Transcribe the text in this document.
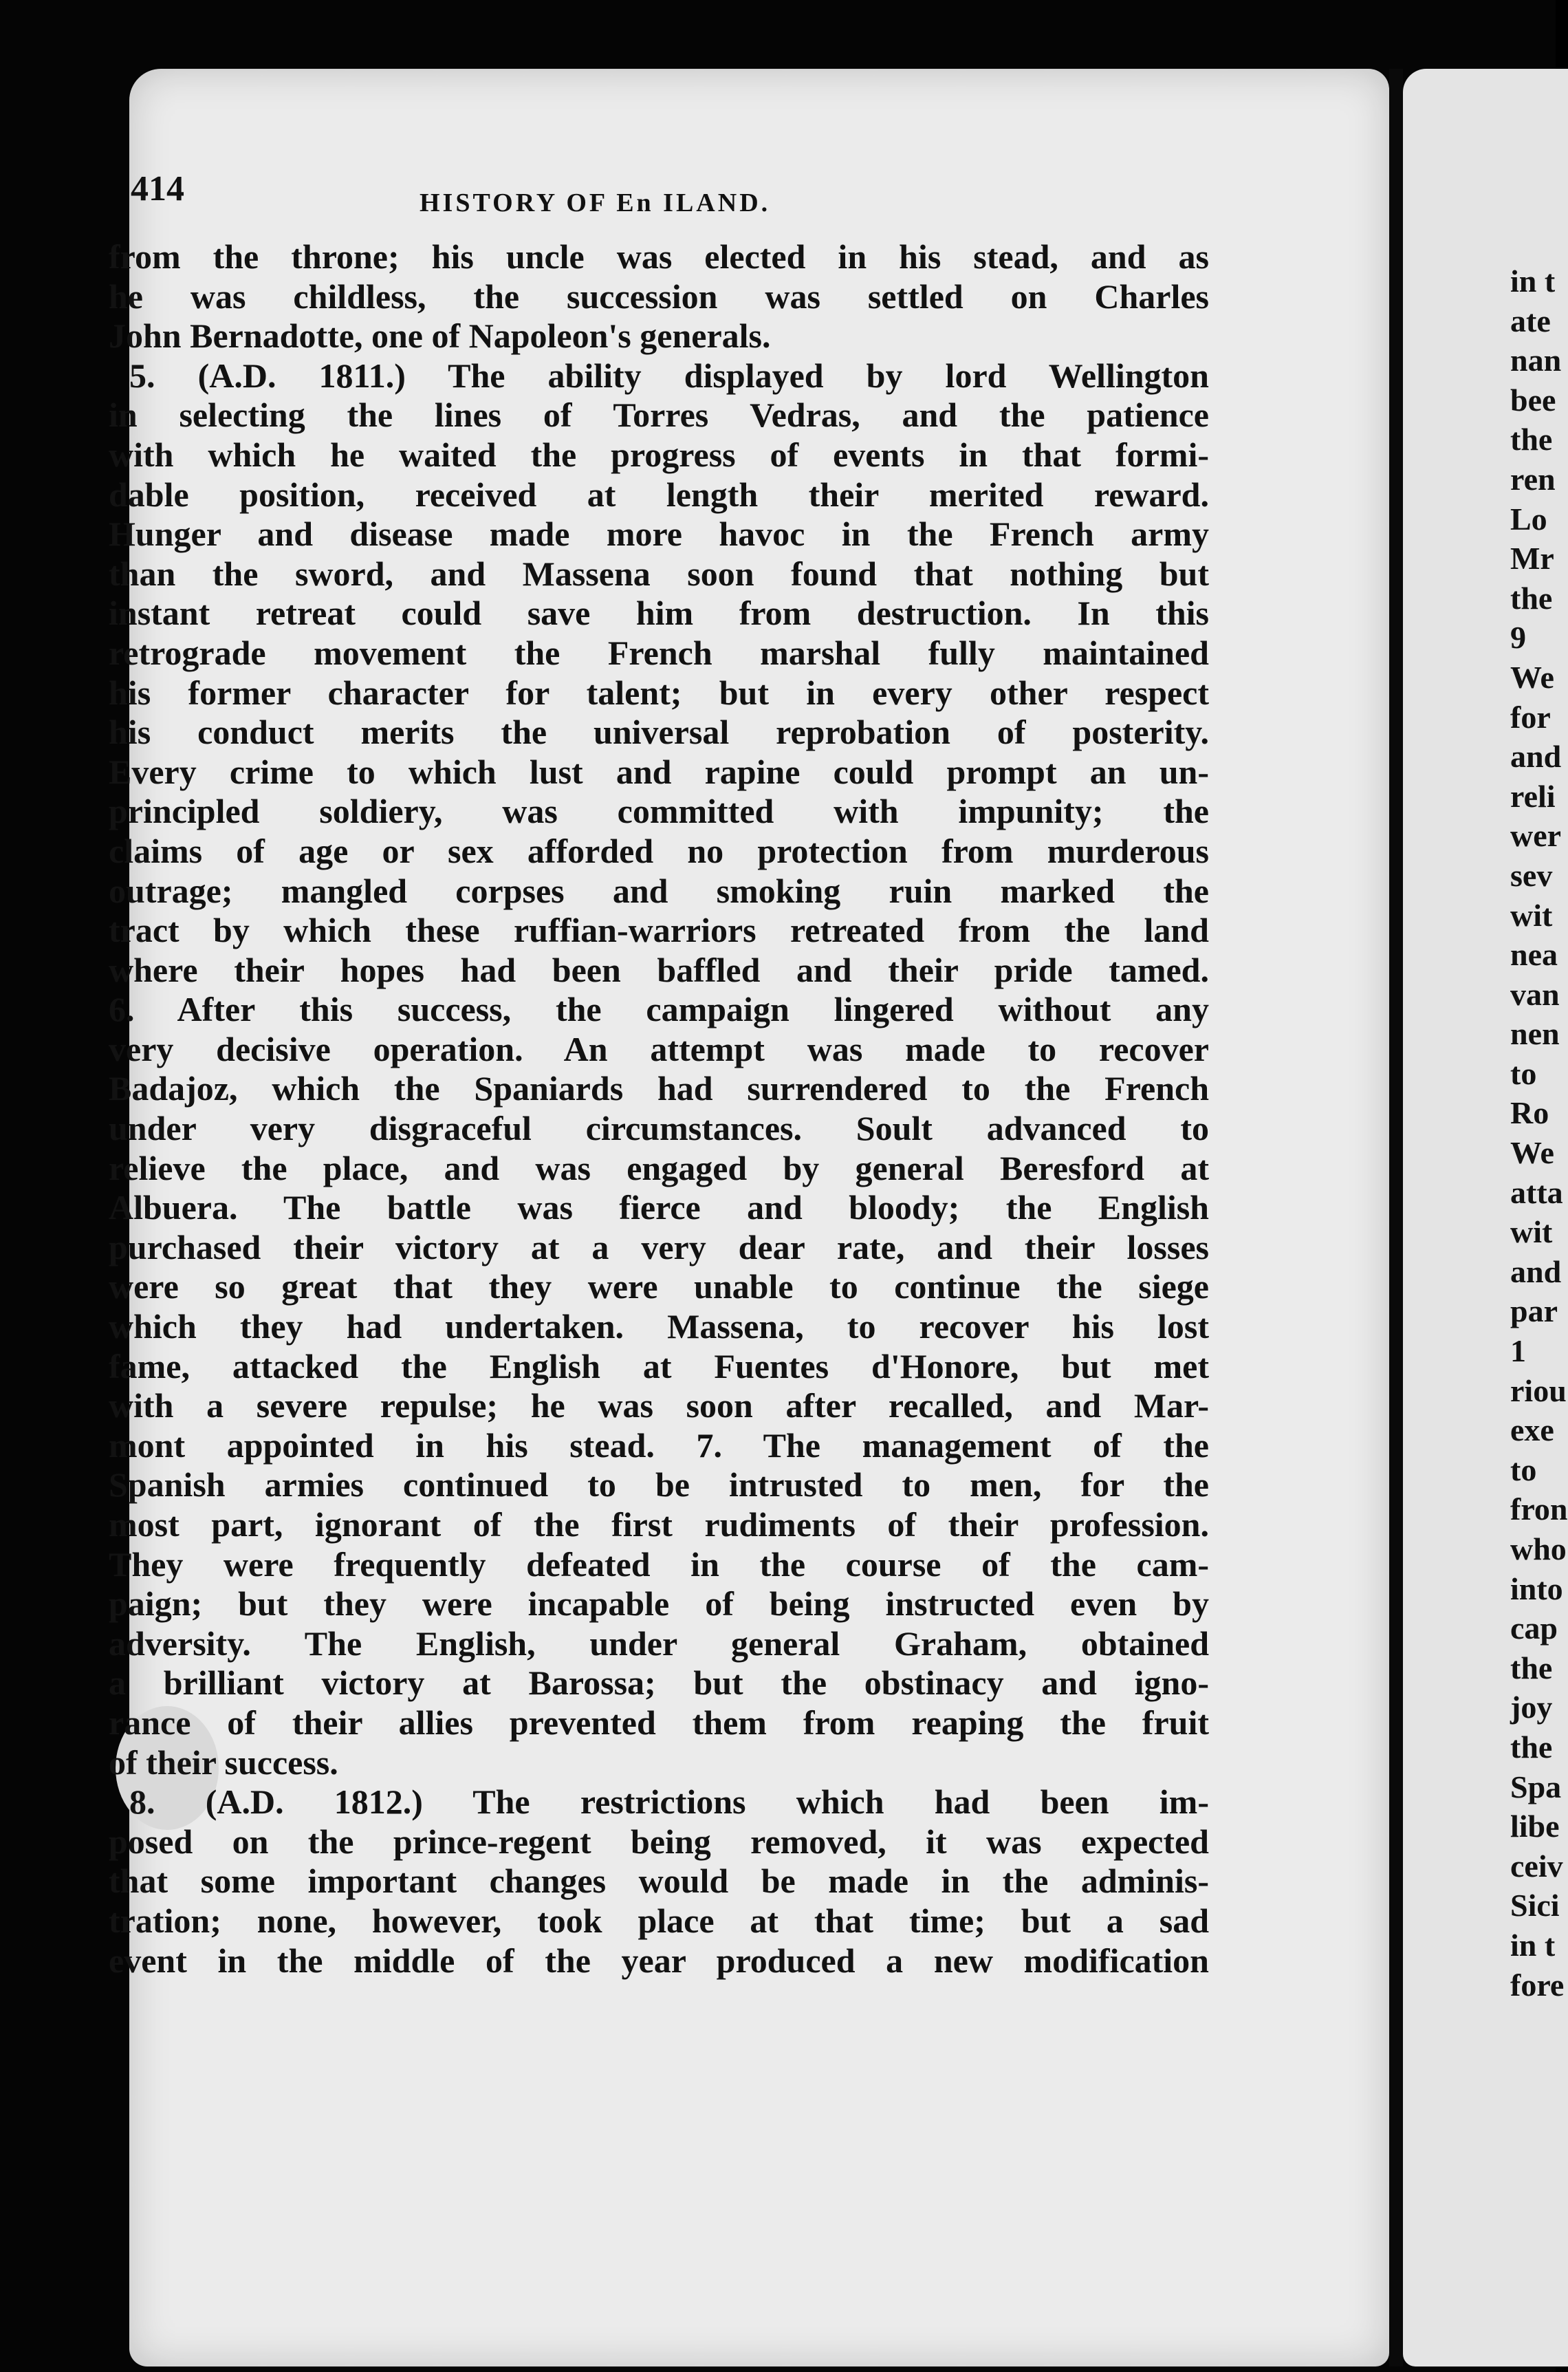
414	HISTORY OF En ILAND.
from the throne; his uncle was elected in his stead, and as
he was childless, the succession was settled on Charles
John Bernadotte, one of Napoleon's generals.
5. (A.D. 1811.) The ability displayed by lord Wellington
in selecting the lines of Torres Vedras, and the patience
with which he waited the progress of events in that formi-
dable position, received at length their merited reward.
Hunger and disease made more havoc in the French army
than the sword, and Massena soon found that nothing but
instant retreat could save him from destruction. In this
retrograde movement the French marshal fully maintained
his former character for talent; but in every other respect
his conduct merits the universal reprobation of posterity.
Every crime to which lust and rapine could prompt an un-
principled soldiery, was committed with impunity; the
claims of age or sex afforded no protection from murderous
outrage; mangled corpses and smoking ruin marked the
tract by which these ruffian-warriors retreated from the land
where their hopes had been baffled and their pride tamed.
6. After this success, the campaign lingered without any
very decisive operation. An attempt was made to recover
Badajoz, which the Spaniards had surrendered to the French
under very disgraceful circumstances. Soult advanced to
relieve the place, and was engaged by general Beresford at
Albuera. The battle was fierce and bloody; the English
purchased their victory at a very dear rate, and their losses
were so great that they were unable to continue the siege
which they had undertaken. Massena, to recover his lost
fame, attacked the English at Fuentes d'Honore, but met
with a severe repulse; he was soon after recalled, and Mar-
mont appointed in his stead. 7. The management of the
Spanish armies continued to be intrusted to men, for the
most part, ignorant of the first rudiments of their profession.
They were frequently defeated in the course of the cam-
paign; but they were incapable of being instructed even by
adversity. The English, under general Graham, obtained
a brilliant victory at Barossa; but the obstinacy and igno-
rance of their allies prevented them from reaping the fruit
of their success.
8. (A.D. 1812.) The restrictions which had been im-
posed on the prince-regent being removed, it was expected
that some important changes would be made in the adminis-
tration; none, however, took place at that time; but a sad
event in the middle of the year produced a new modification
in t
ate
nan
bee
the
ren
Lo
Mr
the
9
We
for
and
reli
wer
sev
wit
nea
van
nen
to
Ro
We
atta
wit
and
par
1
riou
exe
to
fron
who
into
cap
the
joy
the
Spa
libe
ceiv
Sici
in t
fore
